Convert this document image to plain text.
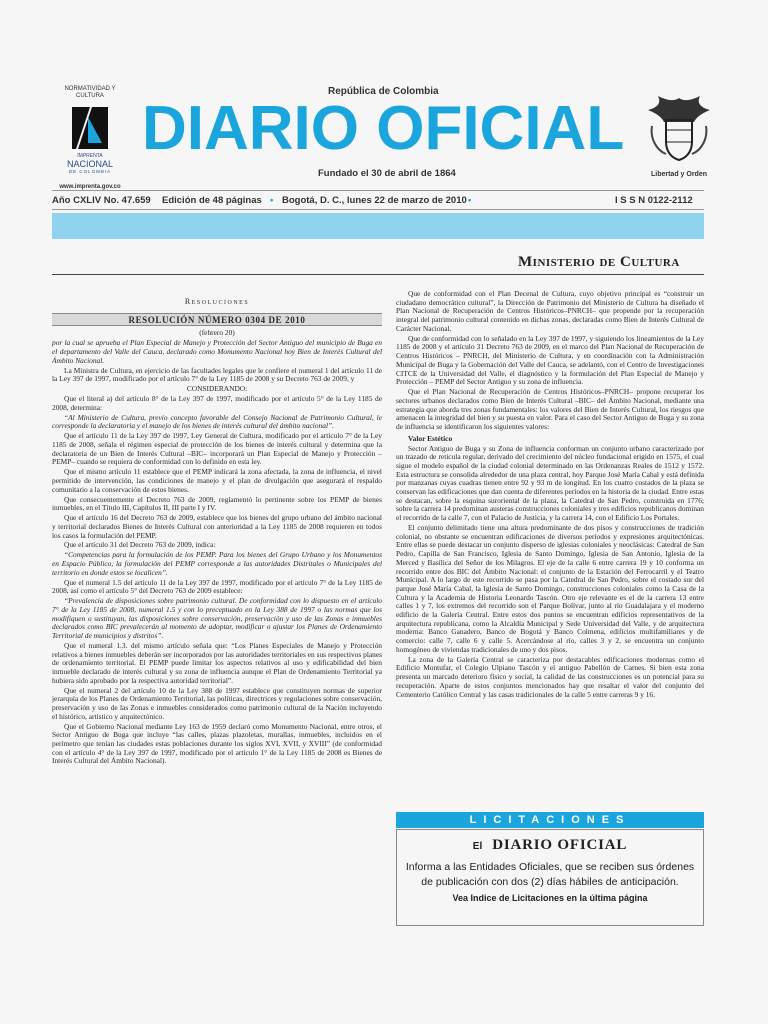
NORMATIVIDAD Y CULTURA
IMPRENTA
NACIONAL
DE COLOMBIA
www.imprenta.gov.co
República de Colombia
DIARIO OFICIAL
Fundado el 30 de abril de 1864	Libertad y Orden
Año CXLIV No. 47.659 Edición de 48 páginas • Bogotá, D. C., lunes 22 de marzo de 2010 •	I S S N 0122-2112
Ministerio de Cultura
Resoluciones
RESOLUCIÓN NÚMERO 0304 DE 2010

(febrero 20)

por la cual se aprueba el Plan Especial de Manejo y Protección del Sector Antiguo del municipio de Buga en el departamento del Valle del Cauca, declarado como Monumento Nacional hoy Bien de Interés Cultural del Ámbito Nacional.

La Ministra de Cultura, en ejercicio de las facultades legales que le confiere el numeral 1 del artículo 11 de la Ley 397 de 1997, modificado por el artículo 7° de la Ley 1185 de 2008 y su Decreto 763 de 2009, y

CONSIDERANDO:

Que el literal a) del artículo 8° de la Ley 397 de 1997, modificado por el artículo 5° de la Ley 1185 de 2008, determina:

“Al Ministerio de Cultura, previo concepto favorable del Consejo Nacional de Patrimonio Cultural, le corresponde la declaratoria y el manejo de los bienes de interés cultural del ámbito nacional”.

Que el artículo 11 de la Ley 397 de 1997, Ley General de Cultura, modificado por el artículo 7° de la Ley 1185 de 2008, señala el régimen especial de protección de los bienes de interés cultural y determina que la declaratoria de un Bien de Interés Cultural –BIC– incorporará un Plan Especial de Manejo y Protección –PEMP– cuando se requiera de conformidad con lo definido en esta ley.

Que el mismo artículo 11 establece que el PEMP indicará la zona afectada, la zona de influencia, el nivel permitido de intervención, las condiciones de manejo y el plan de divulgación que asegurará el respaldo comunitario a la conservación de estos bienes.

Que consecuentemente el Decreto 763 de 2009, reglamentó lo pertinente sobre los PEMP de bienes inmuebles, en el Título III, Capítulos II, III parte I y IV.

Que el artículo 16 del Decreto 763 de 2009, establece que los bienes del grupo urbano del ámbito nacional y territorial declarados Bienes de Interés Cultural con anterioridad a la Ley 1185 de 2008 requieren en todos los casos la formulación del PEMP.

Que el artículo 31 del Decreto 763 de 2009, indica:

“Competencias para la formulación de los PEMP. Para los bienes del Grupo Urbano y los Monumentos en Espacio Público, la formulación del PEMP corresponde a las autoridades Distritales o Municipales del territorio en donde estos se localicen”.

Que el numeral 1.5 del artículo 11 de la Ley 397 de 1997, modificado por el artículo 7° de la Ley 1185 de 2008, así como el artículo 5° del Decreto 763 de 2009 establece:

“Prevalencia de disposiciones sobre patrimonio cultural. De conformidad con lo dispuesto en el artículo 7° de la Ley 1185 de 2008, numeral 1.5 y con lo preceptuado en la Ley 388 de 1997 o las normas que los modifiquen o sustituyan, las disposiciones sobre conservación, preservación y uso de las Zonas e inmuebles declarados como BIC prevalecerán al momento de adoptar, modificar o ajustar los Planes de Ordenamiento Territorial de municipios y distritos”.

Que el numeral 1.3. del mismo artículo señala que: “Los Planes Especiales de Manejo y Protección relativos a bienes inmuebles deberán ser incorporados por las autoridades territoriales en sus respectivos planes de ordenamiento territorial. El PEMP puede limitar los aspectos relativos al uso y edificabilidad del bien inmueble declarado de interés cultural y su zona de influencia aunque el Plan de Ordenamiento Territorial ya hubiera sido aprobado por la respectiva autoridad territorial”.

Que el numeral 2 del artículo 10 de la Ley 388 de 1997 establece que constituyen normas de superior jerarquía de los Planes de Ordenamiento Territorial, las políticas, directrices y regulaciones sobre conservación, preservación y uso de las Zonas e inmuebles considerados como patrimonio cultural de la Nación incluyendo el histórico, artístico y arquitectónico.

Que el Gobierno Nacional mediante Ley 163 de 1959 declaró como Monumento Nacional, entre otros, el Sector Antiguo de Buga que incluye “las calles, plazas plazoletas, murallas, inmuebles, incluidos en el perímetro que tenían las ciudades estas poblaciones durante los siglos XVI, XVII, y XVIII” (de conformidad con el artículo 4° de la Ley 397 de 1997, modificado por el artículo 1° de la Ley 1185 de 2008 es Bienes de Interés Cultural del Ámbito Nacional).

Que de conformidad con el Plan Decenal de Cultura, cuyo objetivo principal es “construir un ciudadano democrático cultural”, la Dirección de Patrimonio del Ministerio de Cultura ha diseñado el Plan Nacional de Recuperación de Centros Históricos–PNRCH– que propende por la recuperación integral del patrimonio cultural contenido en dichas zonas, declaradas como Bien de Interés Cultural de Carácter Nacional.

Que de conformidad con lo señalado en la Ley 397 de 1997, y siguiendo los lineamientos de la Ley 1185 de 2008 y el artículo 31 Decreto 763 de 2009, en el marco del Plan Nacional de Recuperación de Centros Históricos – PNRCH, del Ministerio de Cultura, y en coordinación con la Administración Municipal de Buga y la Gobernación del Valle del Cauca, se adelantó, con el Centro de Investigaciones CITCE de la Universidad del Valle, el diagnóstico y la formulación del Plan Especial de Manejo y Protección – PEMP del Sector Antiguo y su zona de influencia.

Que el Plan Nacional de Recuperación de Centros Históricos–PNRCH– propone recuperar los sectores urbanos declarados como Bien de Interés Cultural –BIC– del Ámbito Nacional, mediante una estrategia que aborda tres zonas fundamentales: los valores del Bien de Interés Cultural, los riesgos que amenacen la integridad del bien y su puesta en valor. Para el caso del Sector Antiguo de Buga y su zona de influencia se identificaron los siguientes valores:

Valor Estético

Sector Antiguo de Buga y su Zona de influencia conforman un conjunto urbano caracterizado por un trazado de retícula regular, derivado del crecimiento del núcleo fundacional erigido en 1575, el cual sigue el modelo español de la ciudad colonial determinado en las Ordenanzas Reales de 1512 y 1572. Esta estructura se consolida alrededor de una plaza central, hoy Parque José María Cabal y está definida por manzanas cuyas cuadras tienen entre 92 y 93 m de longitud. En los cuatro costados de la plaza se conservan las edificaciones que dan cuenta de diferentes períodos en la historia de la ciudad. Entre estas se destacan, sobre la esquina suroriental de la plaza, la Catedral de San Pedro, construida en 1776; sobre la carrera 14 predominan austeras construcciones coloniales y tres edificios republicanos dominan el recorrido de la calle 7, con el Palacio de Justicia, y la carrera 14, con el Edificio Los Portales.

El conjunto delimitado tiene una altura predominante de dos pisos y construcciones de tradición colonial, no obstante se encuentran edificaciones de diversos períodos y expresiones arquitectónicas. Entre ellas se puede destacar un conjunto disperso de iglesias coloniales y neoclásicas: Catedral de San Pedro, Capilla de San Francisco, Iglesia de Santo Domingo, Iglesia de San Antonio, Iglesia de la Merced y Basílica del Señor de los Milagros. El eje de la calle 6 entre carrera 19 y 10 conforma un recorrido entre dos BIC del Ámbito Nacional: el conjunto de la Estación del Ferrocarril y el Teatro Municipal. A lo largo de este recorrido se pasa por la Catedral de San Pedro, sobre el costado sur del parque José María Cabal, la Iglesia de Santo Domingo, construcciones coloniales como la Casa de la Cultura y la Academia de Historia Leonardo Tascón. Otro eje relevante es el de la carrera 13 entre calles 1 y 7, los extremos del recorrido son el Parque Bolívar, junto al río Guadalajara y el moderno edificio de la Galería Central. Entre estos dos puntos se encuentran edificios representativos de la arquitectura republicana, como la Alcaldía Municipal y Sede Universidad del Valle, y de arquitectura moderna: Banco Ganadero, Banco de Bogotá y Banco Colmena, edificios multifamiliares y de comercio: calle 7, calle 6 y calle 5. Acercándose al río, calles 3 y 2, se encuentra un conjunto homogéneo de viviendas tradicionales de uno y dos pisos.

La zona de la Galería Central se caracteriza por destacables edificaciones modernas como el Edificio Montufar, el Colegio Ulpiano Tascón y el antiguo Pabellón de Carnes. Si bien esta zona presenta un marcado deterioro físico y social, la calidad de las construcciones es un potencial para su recuperación. Aparte de estos conjuntos mencionados hay que resaltar el valor del conjunto del Cementerio Católico Central y las casas tradicionales de la calle 5 entre carreras 9 y 16.

LICITACIONES
El DIARIO OFICIAL
Informa a las Entidades Oficiales, que se reciben sus órdenes
de publicación con dos (2) días hábiles de anticipación.
Vea Indice de Licitaciones en la última página
